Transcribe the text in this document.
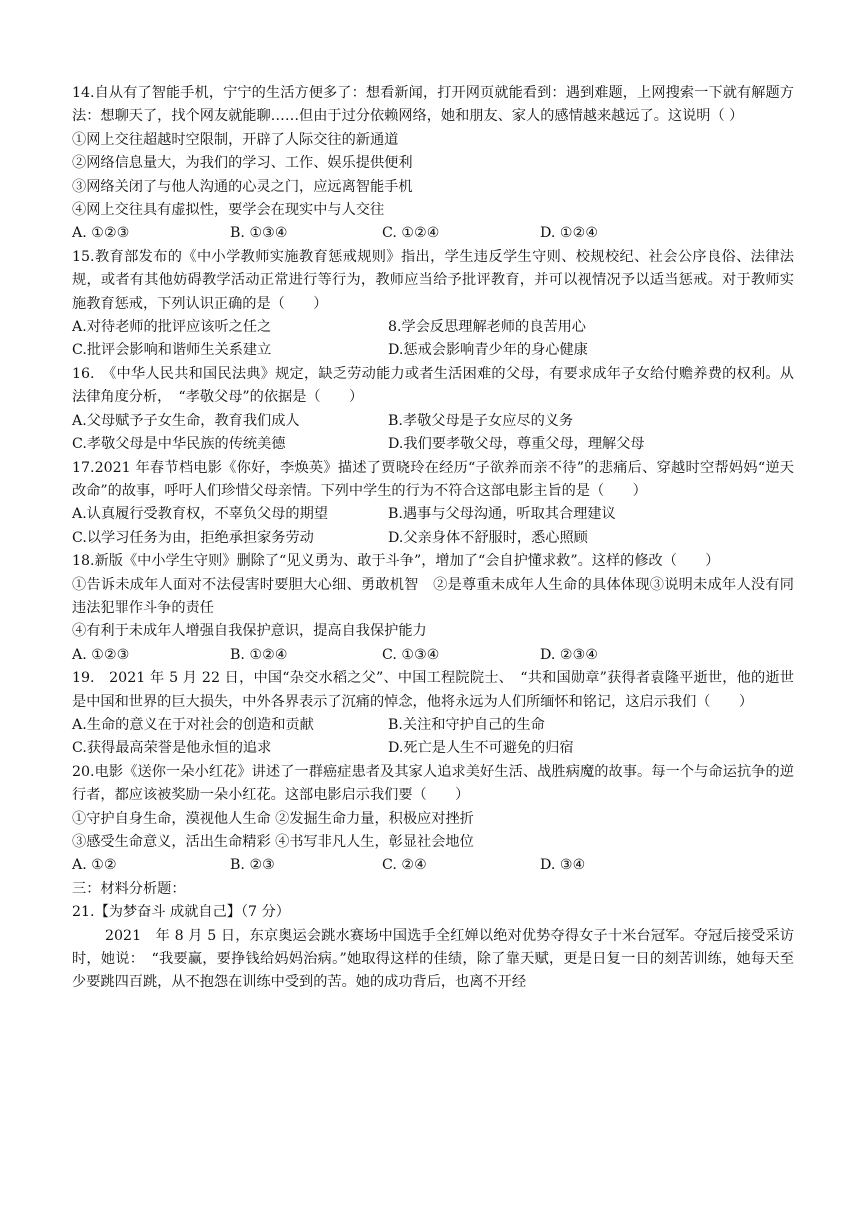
14.自从有了智能手机，宁宁的生活方便多了：想看新闻，打开网页就能看到：遇到难题，上网搜索一下就有解题方法：想聊天了，找个网友就能聊……但由于过分依赖网络，她和朋友、家人的感情越来越远了。这说明（ ）
①网上交往超越时空限制，开辟了人际交往的新通道
②网络信息量大，为我们的学习、工作、娱乐提供便利
③网络关闭了与他人沟通的心灵之门，应远离智能手机
④网上交往具有虚拟性，要学会在现实中与人交往
A. ①②③	B. ①③④	C. ①②④	D. ①②④
15.教育部发布的《中小学教师实施教育惩戒规则》指出，学生违反学生守则、校规校纪、社会公序良俗、法律法规，或者有其他妨碍教学活动正常进行等行为，教师应当给予批评教育，并可以视情况予以适当惩戒。对于教师实施教育惩戒，下列认识正确的是（　　）
A.对待老师的批评应该听之任之	8.学会反思理解老师的良苦用心
C.批评会影响和谐师生关系建立	D.惩戒会影响青少年的身心健康
16.　《中华人民共和国民法典》规定，缺乏劳动能力或者生活困难的父母，有要求成年子女给付赡养费的权利。从法律角度分析，　“孝敬父母”的依据是（　　）
A.父母赋予子女生命，教育我们成人	B.孝敬父母是子女应尽的义务
C.孝敬父母是中华民族的传统美德	D.我们要孝敬父母，尊重父母，理解父母
17.2021 年春节档电影《你好，李焕英》描述了贾晓玲在经历“子欲养而亲不待”的悲痛后、穿越时空帮妈妈“逆天改命”的故事，呼吁人们珍惜父母亲情。下列中学生的行为不符合这部电影主旨的是（　　）
A.认真履行受教育权，不辜负父母的期望	B.遇事与父母沟通，听取其合理建议
C.以学习任务为由，拒绝承担家务劳动	D.父亲身体不舒服时，悉心照顾
18.新版《中小学生守则》删除了“见义勇为、敢于斗争”，增加了“会自护懂求救”。这样的修改（　　）
①告诉未成年人面对不法侵害时要胆大心细、勇敢机智　②是尊重未成年人生命的具体体现③说明未成年人没有同违法犯罪作斗争的责任
④有利于未成年人增强自我保护意识，提高自我保护能力
A. ①②③	B. ①②④	C. ①③④	D. ②③④
19.　2021 年 5 月 22 日，中国“杂交水稻之父”、中国工程院院士、　“共和国勋章”获得者袁隆平逝世，他的逝世是中国和世界的巨大损失，中外各界表示了沉痛的悼念，他将永远为人们所缅怀和铭记，这启示我们（　　）
A.生命的意义在于对社会的创造和贡献	B.关注和守护自己的生命
C.获得最高荣誉是他永恒的追求	D.死亡是人生不可避免的归宿
20.电影《送你一朵小红花》讲述了一群癌症患者及其家人追求美好生活、战胜病魔的故事。每一个与命运抗争的逆行者，都应该被奖励一朵小红花。这部电影启示我们要（　　）
①守护自身生命，漠视他人生命 ②发掘生命力量，积极应对挫折
③感受生命意义，活出生命精彩 ④书写非凡人生，彰显社会地位
A. ①②	B. ②③	C. ②④	D. ③④
三：材料分析题：
21.【为梦奋斗 成就自己】（7 分）
2021　年 8 月 5 日，东京奥运会跳水赛场中国选手全红婵以绝对优势夺得女子十米台冠军。夺冠后接受采访时，她说：　“我要赢，要挣钱给妈妈治病。”她取得这样的佳绩，除了靠天赋，更是日复一日的刻苦训练，她每天至少要跳四百跳，从不抱怨在训练中受到的苦。她的成功背后，也离不开经
